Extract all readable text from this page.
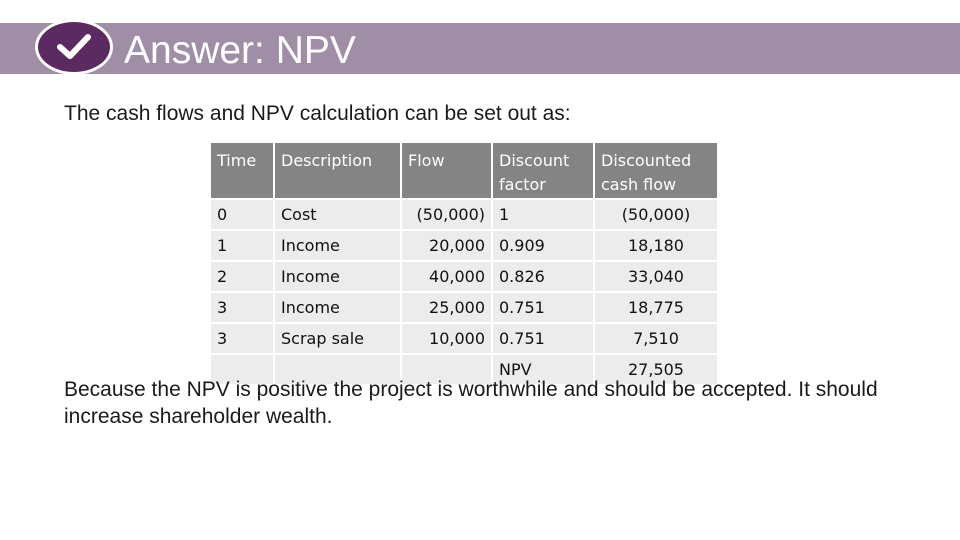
Answer: NPV
The cash flows and NPV calculation can be set out as:
Time	Description	Flow	Discount factor	Discounted cash flow
0	Cost	(50,000)	1	(50,000)
1	Income	20,000	0.909	18,180
2	Income	40,000	0.826	33,040
3	Income	25,000	0.751	18,775
3	Scrap sale	10,000	0.751	7,510
			NPV	27,505
Because the NPV is positive the project is worthwhile and should be accepted. It should increase shareholder wealth.
